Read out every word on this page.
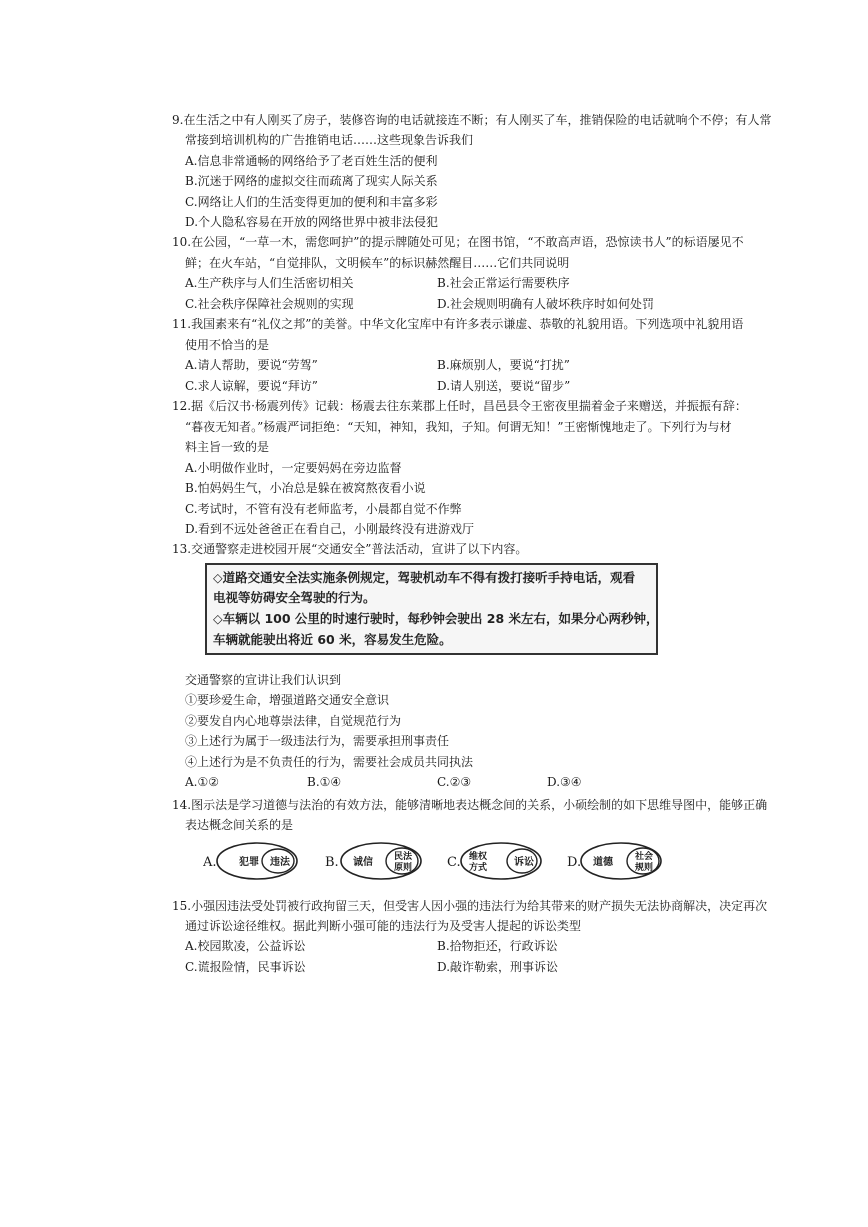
9.在生活之中有人刚买了房子，装修咨询的电话就接连不断；有人刚买了车，推销保险的电话就响个不停；有人常
常接到培训机构的广告推销电话……这些现象告诉我们
A.信息非常通畅的网络给予了老百姓生活的便利
B.沉迷于网络的虚拟交往而疏离了现实人际关系
C.网络让人们的生活变得更加的便利和丰富多彩
D.个人隐私容易在开放的网络世界中被非法侵犯
10.在公园，“一草一木，需您呵护”的提示牌随处可见；在图书馆，“不敢高声语，恐惊读书人”的标语屡见不
鲜；在火车站，“自觉排队，文明候车”的标识赫然醒目……它们共同说明
A.生产秩序与人们生活密切相关	B.社会正常运行需要秩序
C.社会秩序保障社会规则的实现	D.社会规则明确有人破坏秩序时如何处罚
11.我国素来有“礼仪之邦”的美誉。中华文化宝库中有许多表示谦虚、恭敬的礼貌用语。下列选项中礼貌用语
使用不恰当的是
A.请人帮助，要说“劳驾”	B.麻烦别人，要说“打扰”
C.求人谅解，要说“拜访”	D.请人别送，要说“留步”
12.据《后汉书·杨震列传》记载：杨震去往东莱郡上任时，昌邑县令王密夜里揣着金子来赠送，并振振有辞：
“暮夜无知者。”杨震严词拒绝：“天知，神知，我知，子知。何谓无知！”王密惭愧地走了。下列行为与材
料主旨一致的是
A.小明做作业时，一定要妈妈在旁边监督
B.怕妈妈生气，小冶总是躲在被窝熬夜看小说
C.考试时，不管有没有老师监考，小晨都自觉不作弊
D.看到不远处爸爸正在看自己，小刚最终没有进游戏厅
13.交通警察走进校园开展“交通安全”普法活动，宣讲了以下内容。
◇道路交通安全法实施条例规定，驾驶机动车不得有拨打接听手持电话，观看
电视等妨碍安全驾驶的行为。
◇车辆以 100 公里的时速行驶时，每秒钟会驶出 28 米左右，如果分心两秒钟，
车辆就能驶出将近 60 米，容易发生危险。
交通警察的宣讲让我们认识到
①要珍爱生命，增强道路交通安全意识
②要发自内心地尊崇法律，自觉规范行为
③上述行为属于一级违法行为，需要承担刑事责任
④上述行为是不负责任的行为，需要社会成员共同执法
A.①②	B.①④	C.②③	D.③④
14.图示法是学习道德与法治的有效方法，能够清晰地表达概念间的关系，小硕绘制的如下思维导图中，能够正确
表达概念间关系的是
A. 犯罪 违法	B. 诚信 民法
原则	C. 维权
方式	诉讼	D. 道德 社会
规则
15.小强因违法受处罚被行政拘留三天，但受害人因小强的违法行为给其带来的财产损失无法协商解决，决定再次
通过诉讼途径维权。据此判断小强可能的违法行为及受害人提起的诉讼类型
A.校园欺凌，公益诉讼	B.拾物拒还，行政诉讼
C.谎报险情，民事诉讼	D.敲诈勒索，刑事诉讼
